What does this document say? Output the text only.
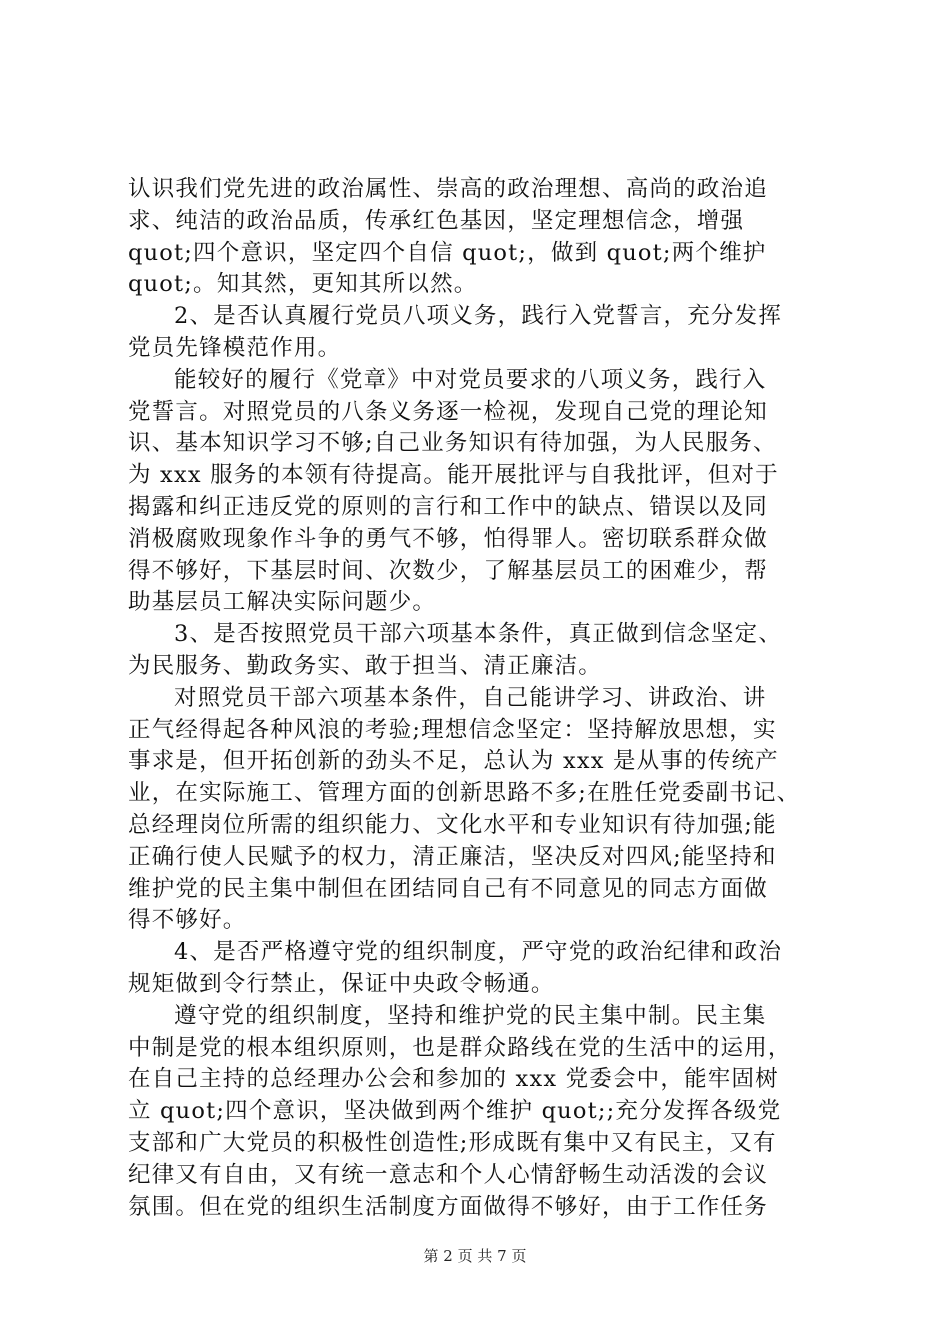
认识我们党先进的政治属性、崇高的政治理想、高尚的政治追
求、纯洁的政治品质，传承红色基因，坚定理想信念，增强
quot;四个意识，坚定四个自信 quot;，做到 quot;两个维护
quot;。知其然，更知其所以然。
2、是否认真履行党员八项义务，践行入党誓言，充分发挥
党员先锋模范作用。
能较好的履行《党章》中对党员要求的八项义务，践行入
党誓言。对照党员的八条义务逐一检视，发现自己党的理论知
识、基本知识学习不够;自己业务知识有待加强，为人民服务、
为 xxx 服务的本领有待提高。能开展批评与自我批评，但对于
揭露和纠正违反党的原则的言行和工作中的缺点、错误以及同
消极腐败现象作斗争的勇气不够，怕得罪人。密切联系群众做
得不够好，下基层时间、次数少，了解基层员工的困难少，帮
助基层员工解决实际问题少。
3、是否按照党员干部六项基本条件，真正做到信念坚定、
为民服务、勤政务实、敢于担当、清正廉洁。
对照党员干部六项基本条件，自己能讲学习、讲政治、讲
正气经得起各种风浪的考验;理想信念坚定：坚持解放思想，实
事求是，但开拓创新的劲头不足，总认为 xxx 是从事的传统产
业，在实际施工、管理方面的创新思路不多;在胜任党委副书记、
总经理岗位所需的组织能力、文化水平和专业知识有待加强;能
正确行使人民赋予的权力，清正廉洁，坚决反对四风;能坚持和
维护党的民主集中制但在团结同自己有不同意见的同志方面做
得不够好。
4、是否严格遵守党的组织制度，严守党的政治纪律和政治
规矩做到令行禁止，保证中央政令畅通。
遵守党的组织制度，坚持和维护党的民主集中制。民主集
中制是党的根本组织原则，也是群众路线在党的生活中的运用，
在自己主持的总经理办公会和参加的 xxx 党委会中，能牢固树
立 quot;四个意识，坚决做到两个维护 quot;;充分发挥各级党
支部和广大党员的积极性创造性;形成既有集中又有民主，又有
纪律又有自由，又有统一意志和个人心情舒畅生动活泼的会议
氛围。但在党的组织生活制度方面做得不够好，由于工作任务
第 2 页 共 7 页
